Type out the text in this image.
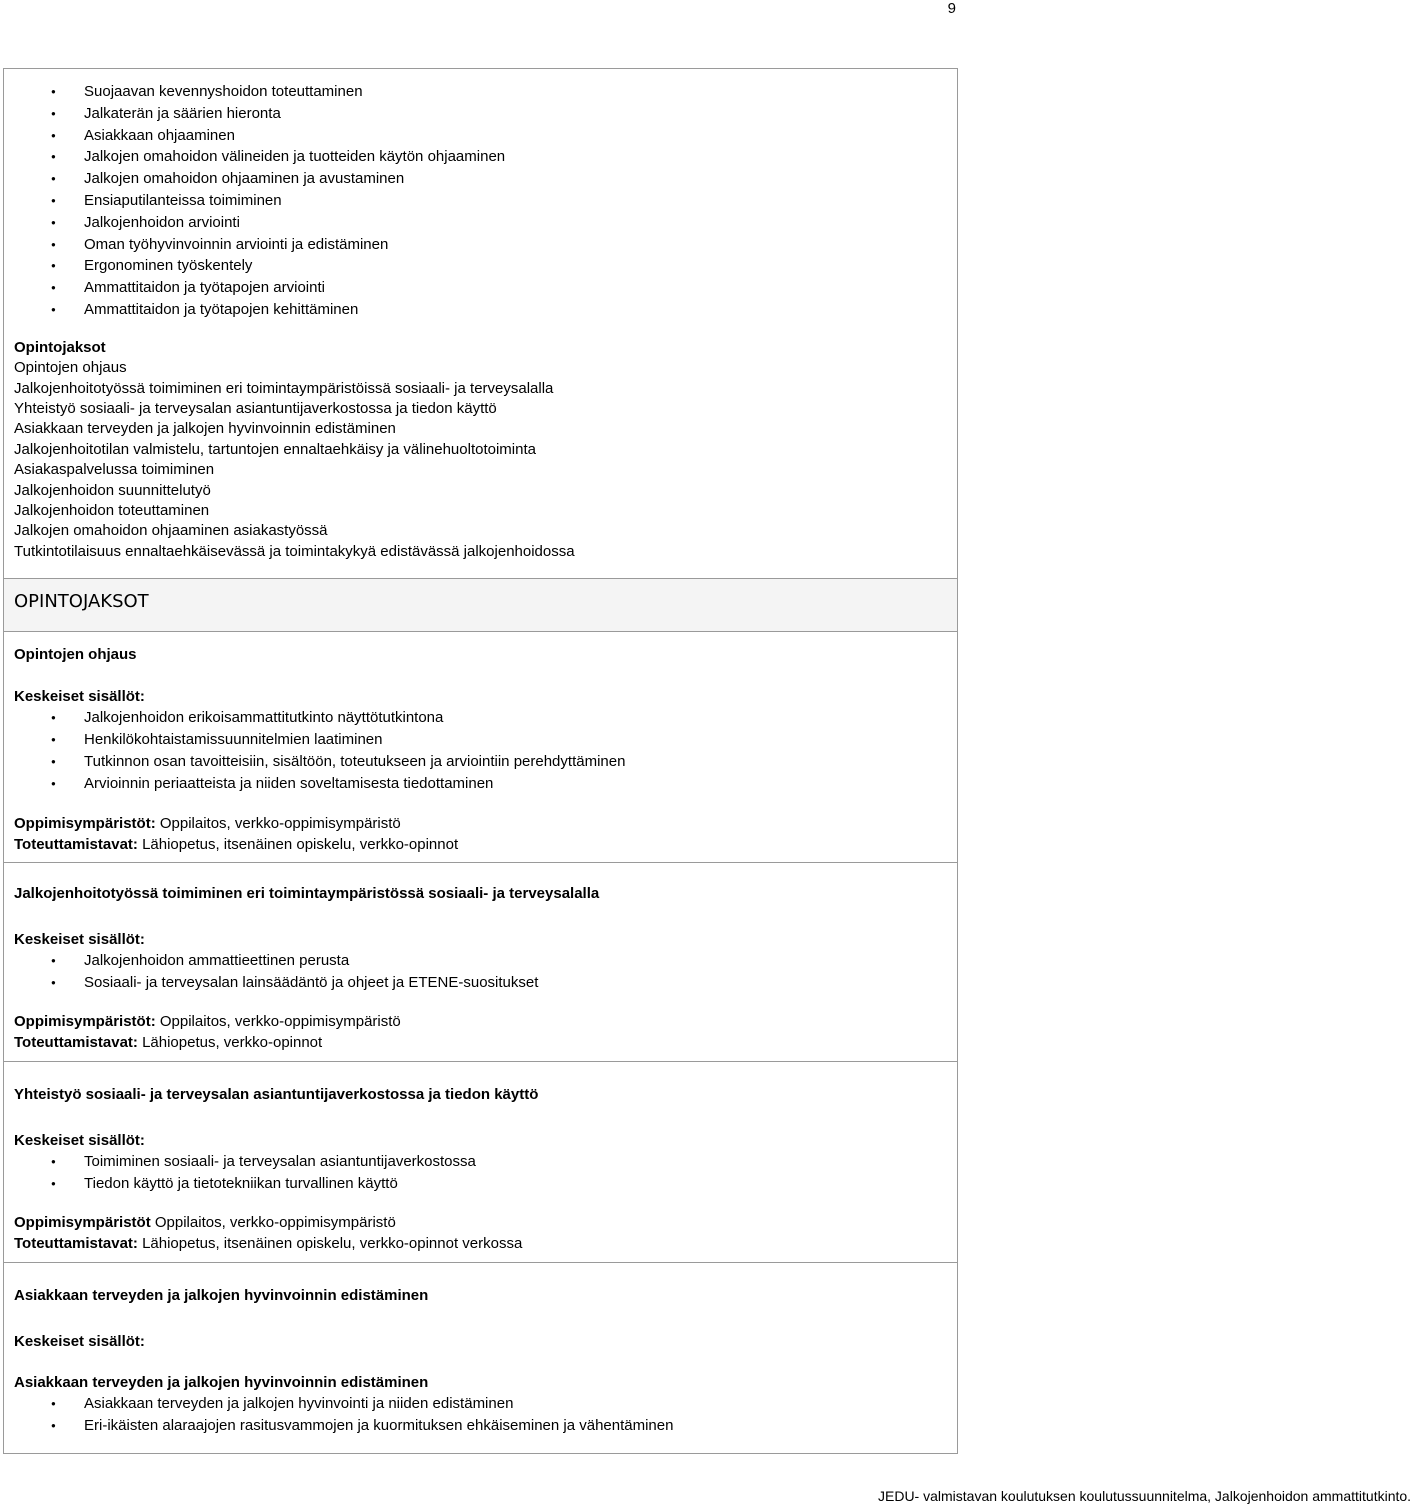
9
● Suojaavan kevennyshoidon toteuttaminen
● Jalkaterän ja säärien hieronta
● Asiakkaan ohjaaminen
● Jalkojen omahoidon välineiden ja tuotteiden käytön ohjaaminen
● Jalkojen omahoidon ohjaaminen ja avustaminen
● Ensiaputilanteissa toimiminen
● Jalkojenhoidon arviointi
● Oman työhyvinvoinnin arviointi ja edistäminen
● Ergonominen työskentely
● Ammattitaidon ja työtapojen arviointi
● Ammattitaidon ja työtapojen kehittäminen
Opintojaksot
Opintojen ohjaus
Jalkojenhoitotyössä toimiminen eri toimintaympäristöissä sosiaali- ja terveysalalla
Yhteistyö sosiaali- ja terveysalan asiantuntijaverkostossa ja tiedon käyttö
Asiakkaan terveyden ja jalkojen hyvinvoinnin edistäminen
Jalkojenhoitotilan valmistelu, tartuntojen ennaltaehkäisy ja välinehuoltotoiminta
Asiakaspalvelussa toimiminen
Jalkojenhoidon suunnittelutyö
Jalkojenhoidon toteuttaminen
Jalkojen omahoidon ohjaaminen asiakastyössä
Tutkintotilaisuus ennaltaehkäisevässä ja toimintakykyä edistävässä jalkojenhoidossa
OPINTOJAKSOT
Opintojen ohjaus
Keskeiset sisällöt:
● Jalkojenhoidon erikoisammattitutkinto näyttötutkintona
● Henkilökohtaistamissuunnitelmien laatiminen
● Tutkinnon osan tavoitteisiin, sisältöön, toteutukseen ja arviointiin perehdyttäminen
● Arvioinnin periaatteista ja niiden soveltamisesta tiedottaminen
Oppimisympäristöt: Oppilaitos, verkko-oppimisympäristö
Toteuttamistavat: Lähiopetus, itsenäinen opiskelu, verkko-opinnot
Jalkojenhoitotyössä toimiminen eri toimintaympäristössä sosiaali- ja terveysalalla
Keskeiset sisällöt:
● Jalkojenhoidon ammattieettinen perusta
● Sosiaali- ja terveysalan lainsäädäntö ja ohjeet ja ETENE-suositukset
Oppimisympäristöt: Oppilaitos, verkko-oppimisympäristö
Toteuttamistavat: Lähiopetus, verkko-opinnot
Yhteistyö sosiaali- ja terveysalan asiantuntijaverkostossa ja tiedon käyttö
Keskeiset sisällöt:
● Toimiminen sosiaali- ja terveysalan asiantuntijaverkostossa
● Tiedon käyttö ja tietotekniikan turvallinen käyttö
Oppimisympäristöt Oppilaitos, verkko-oppimisympäristö
Toteuttamistavat: Lähiopetus, itsenäinen opiskelu, verkko-opinnot verkossa
Asiakkaan terveyden ja jalkojen hyvinvoinnin edistäminen
Keskeiset sisällöt:
Asiakkaan terveyden ja jalkojen hyvinvoinnin edistäminen
● Asiakkaan terveyden ja jalkojen hyvinvointi ja niiden edistäminen
● Eri-ikäisten alaraajojen rasitusvammojen ja kuormituksen ehkäiseminen ja vähentäminen
JEDU- valmistavan koulutuksen koulutussuunnitelma, Jalkojenhoidon ammattitutkinto.
